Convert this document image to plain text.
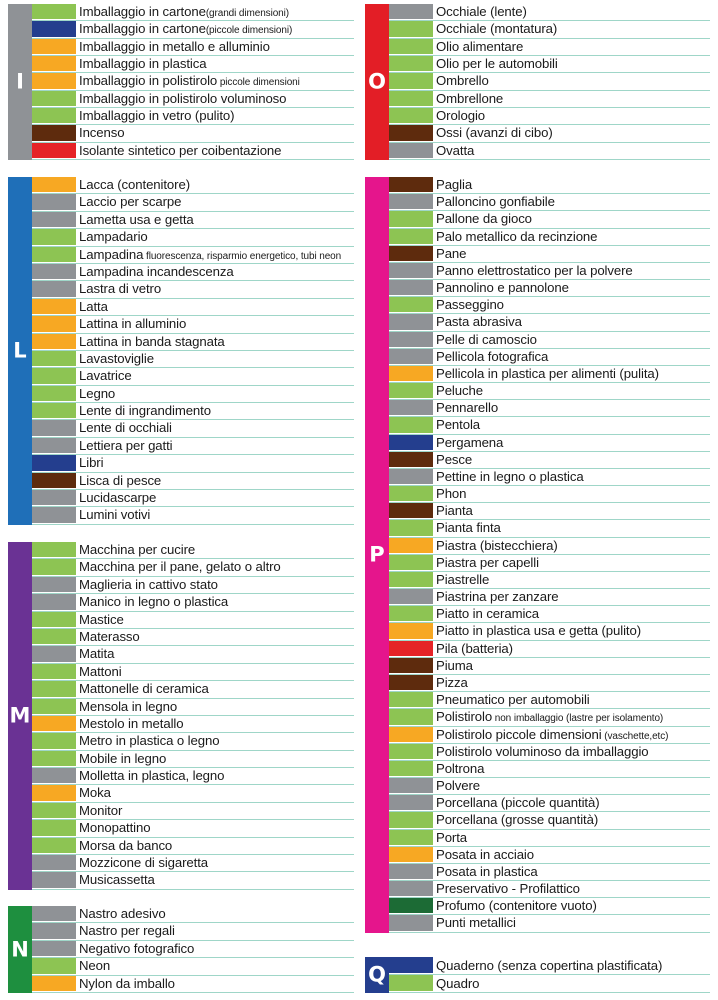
I
Imballaggio in cartone(grandi dimensioni)
Imballaggio in cartone(piccole dimensioni)
Imballaggio in metallo e alluminio
Imballaggio in plastica
Imballaggio in polistirolo piccole dimensioni
Imballaggio in polistirolo voluminoso
Imballaggio in vetro (pulito)
Incenso
Isolante sintetico per coibentazione
L
Lacca (contenitore)
Laccio per scarpe
Lametta usa e getta
Lampadario
Lampadina fluorescenza, risparmio energetico, tubi neon
Lampadina incandescenza
Lastra di vetro
Latta
Lattina in alluminio
Lattina in banda stagnata
Lavastoviglie
Lavatrice
Legno
Lente di ingrandimento
Lente di occhiali
Lettiera per gatti
Libri
Lisca di pesce
Lucidascarpe
Lumini votivi
M
Macchina per cucire
Macchina per il pane, gelato o altro
Maglieria in cattivo stato
Manico in legno o plastica
Mastice
Materasso
Matita
Mattoni
Mattonelle di ceramica
Mensola in legno
Mestolo in metallo
Metro in plastica o legno
Mobile in legno
Molletta in plastica, legno
Moka
Monitor
Monopattino
Morsa da banco
Mozzicone di sigaretta
Musicassetta
N
Nastro adesivo
Nastro per regali
Negativo fotografico
Neon
Nylon da imballo
O
Occhiale (lente)
Occhiale (montatura)
Olio alimentare
Olio per le automobili
Ombrello
Ombrellone
Orologio
Ossi (avanzi di cibo)
Ovatta
P
Paglia
Palloncino gonfiabile
Pallone da gioco
Palo metallico da recinzione
Pane
Panno elettrostatico per la polvere
Pannolino e pannolone
Passeggino
Pasta abrasiva
Pelle di camoscio
Pellicola fotografica
Pellicola in plastica per alimenti (pulita)
Peluche
Pennarello
Pentola
Pergamena
Pesce
Pettine in legno o plastica
Phon
Pianta
Pianta finta
Piastra (bistecchiera)
Piastra per capelli
Piastrelle
Piastrina per zanzare
Piatto in ceramica
Piatto in plastica usa e getta (pulito)
Pila (batteria)
Piuma
Pizza
Pneumatico per automobili
Polistirolo non imballaggio (lastre per isolamento)
Polistirolo piccole dimensioni (vaschette,etc)
Polistirolo voluminoso da imballaggio
Poltrona
Polvere
Porcellana (piccole quantità)
Porcellana (grosse quantità)
Porta
Posata in acciaio
Posata in plastica
Preservativo - Profilattico
Profumo (contenitore vuoto)
Punti metallici
Q	Quaderno (senza copertina plastificata)
Quadro
